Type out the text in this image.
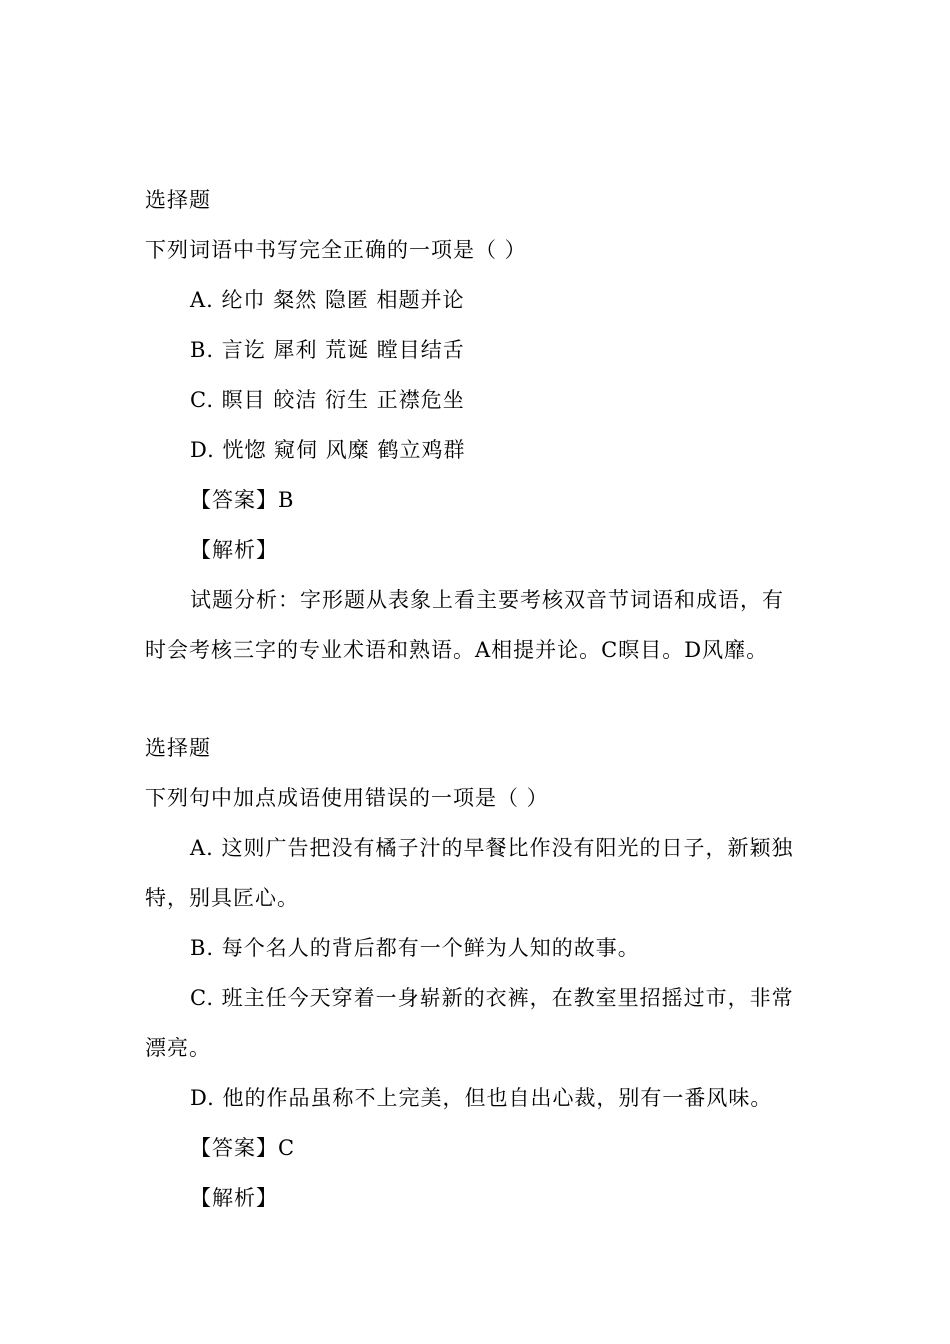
选择题
下列词语中书写完全正确的一项是（ ）
A. 纶巾 粲然 隐匿 相题并论
B. 言讫 犀利 荒诞 瞠目结舌
C. 瞑目 皎洁 衍生 正襟危坐
D. 恍惚 窥伺 风糜 鹤立鸡群
【答案】B
【解析】
试题分析：字形题从表象上看主要考核双音节词语和成语，有
时会考核三字的专业术语和熟语。A相提并论。C暝目。D风靡。
选择题
下列句中加点成语使用错误的一项是（ ）
A. 这则广告把没有橘子汁的早餐比作没有阳光的日子，新颖独
特，别具匠心。
B. 每个名人的背后都有一个鲜为人知的故事。
C. 班主任今天穿着一身崭新的衣裤，在教室里招摇过市，非常
漂亮。
D. 他的作品虽称不上完美，但也自出心裁，别有一番风味。
【答案】C
【解析】
